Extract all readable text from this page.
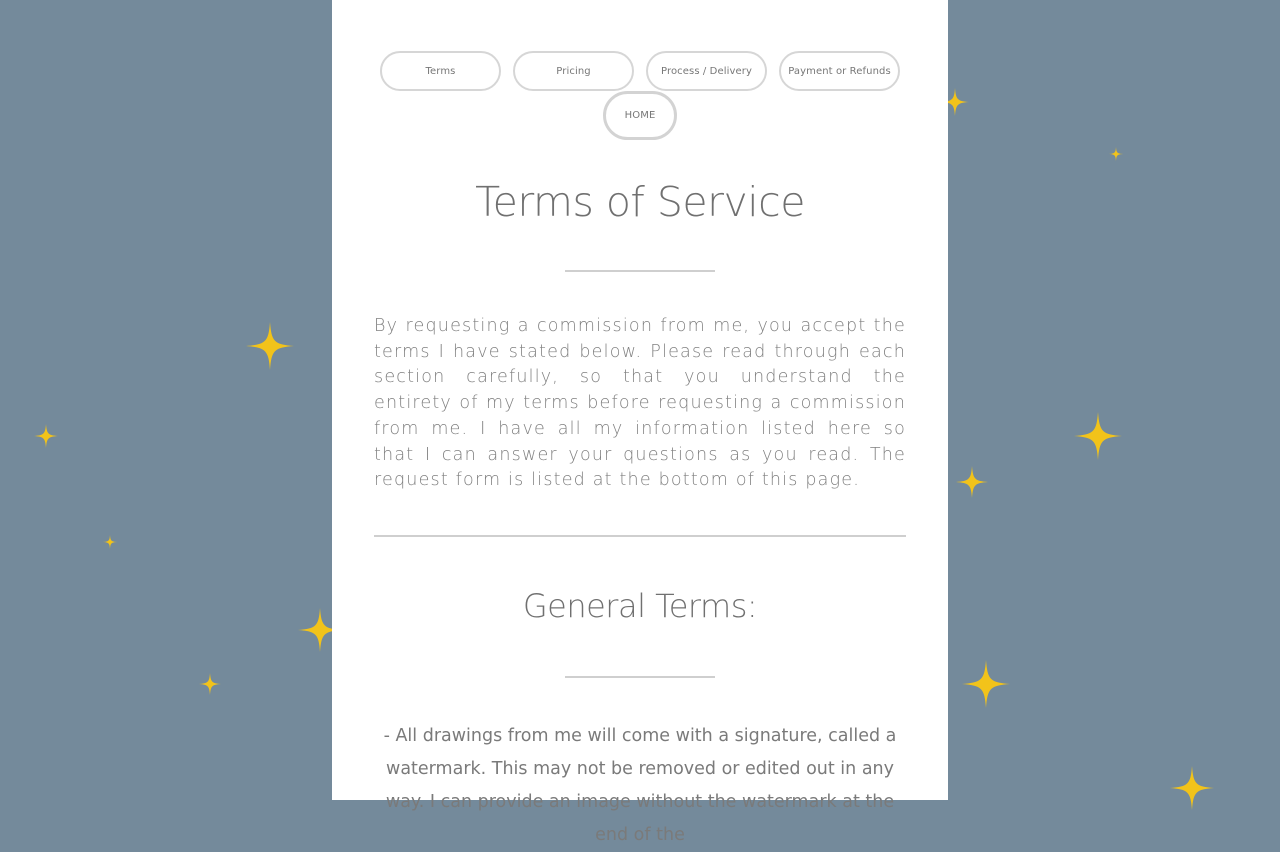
Terms	Pricing	Process / Delivery	Payment or Refunds
HOME
Terms of Service

By requesting a commission from me, you accept the terms I have stated below. Please read through each section carefully, so that you understand the entirety of my terms before requesting a commission from me. I have all my information listed here so that I can answer your questions as you read. The request form is listed at the bottom of this page.

General Terms:

- All drawings from me will come with a signature, called a watermark. This may not be removed or edited out in any way. I can provide an image without the watermark at the end of the
